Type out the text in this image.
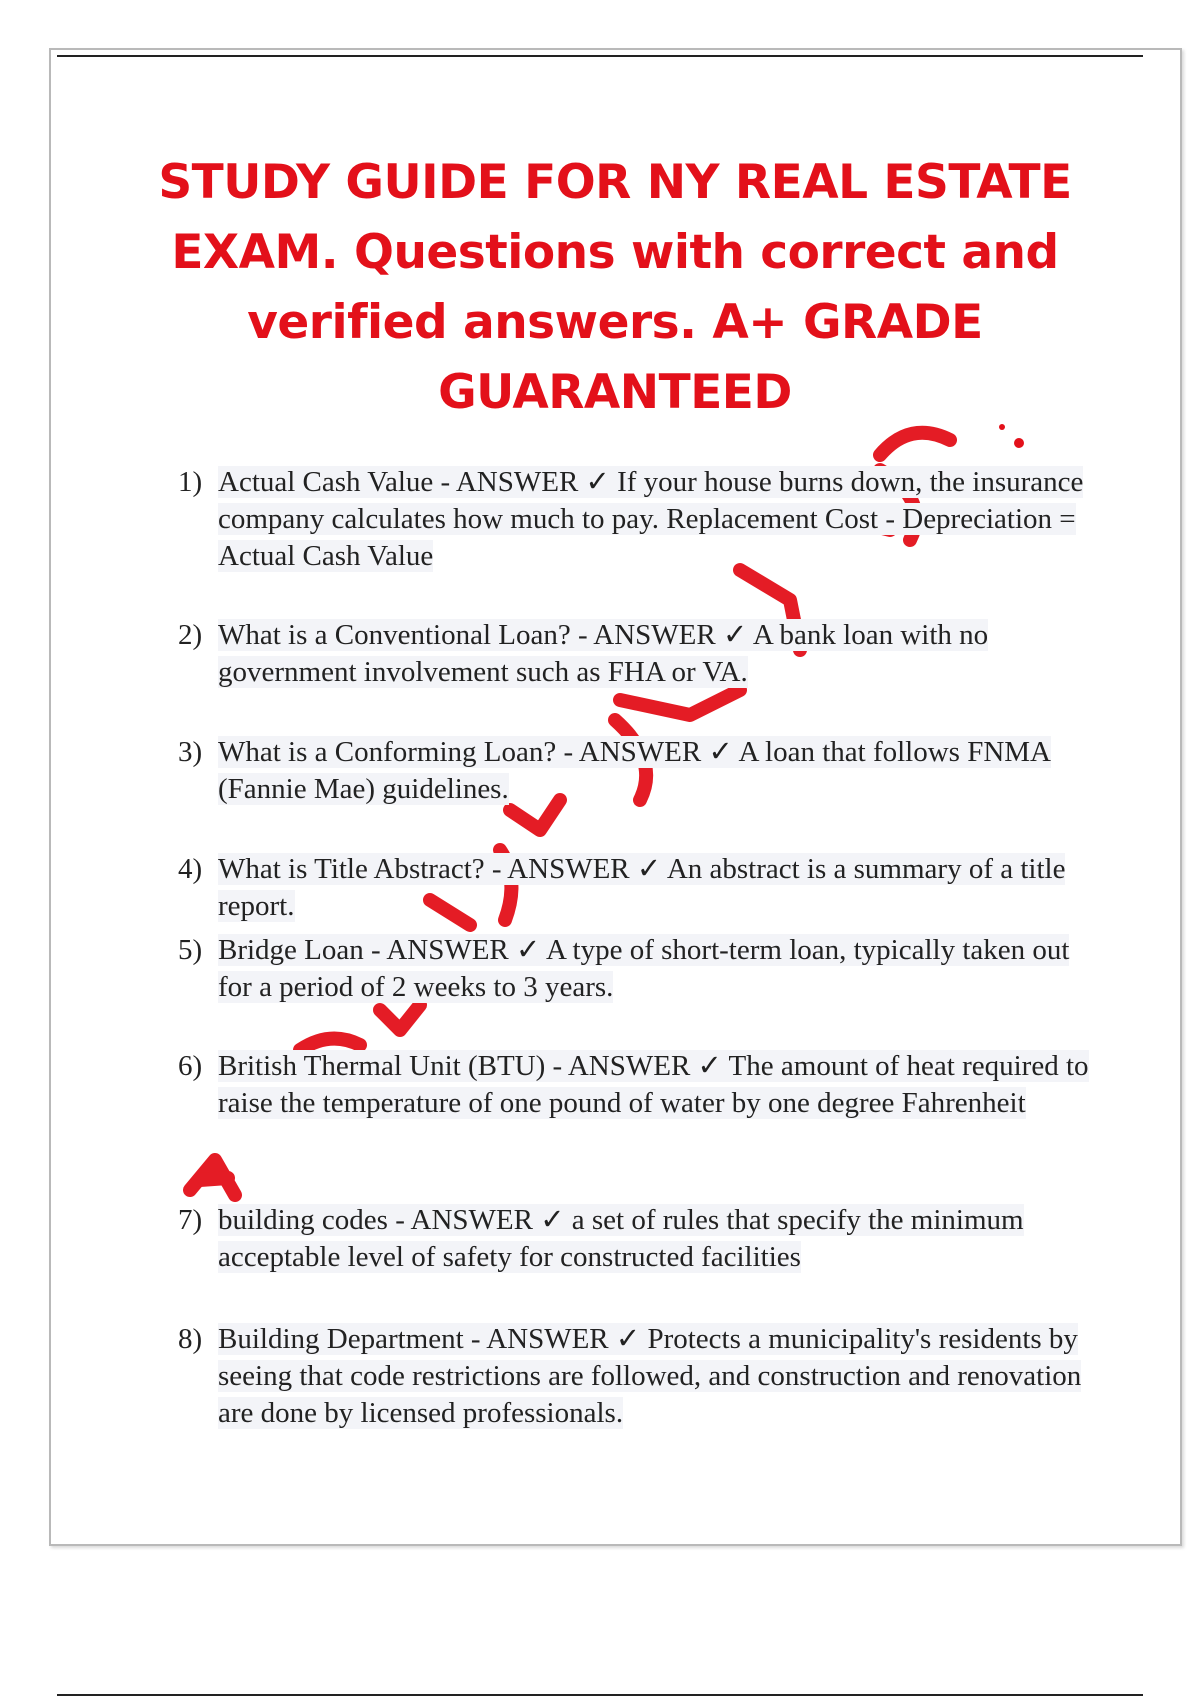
STUDY GUIDE FOR NY REAL ESTATE EXAM. Questions with correct and verified answers. A+ GRADE GUARANTEED
1) Actual Cash Value - ANSWER ✓ If your house burns down, the insurance company calculates how much to pay. Replacement Cost - Depreciation = Actual Cash Value
2) What is a Conventional Loan? - ANSWER ✓ A bank loan with no government involvement such as FHA or VA.
3) What is a Conforming Loan? - ANSWER ✓ A loan that follows FNMA (Fannie Mae) guidelines.
4) What is Title Abstract? - ANSWER ✓ An abstract is a summary of a title report.
5) Bridge Loan - ANSWER ✓ A type of short-term loan, typically taken out for a period of 2 weeks to 3 years.
6) British Thermal Unit (BTU) - ANSWER ✓ The amount of heat required to raise the temperature of one pound of water by one degree Fahrenheit
7) building codes - ANSWER ✓ a set of rules that specify the minimum acceptable level of safety for constructed facilities
8) Building Department - ANSWER ✓ Protects a municipality's residents by seeing that code restrictions are followed, and construction and renovation are done by licensed professionals.
